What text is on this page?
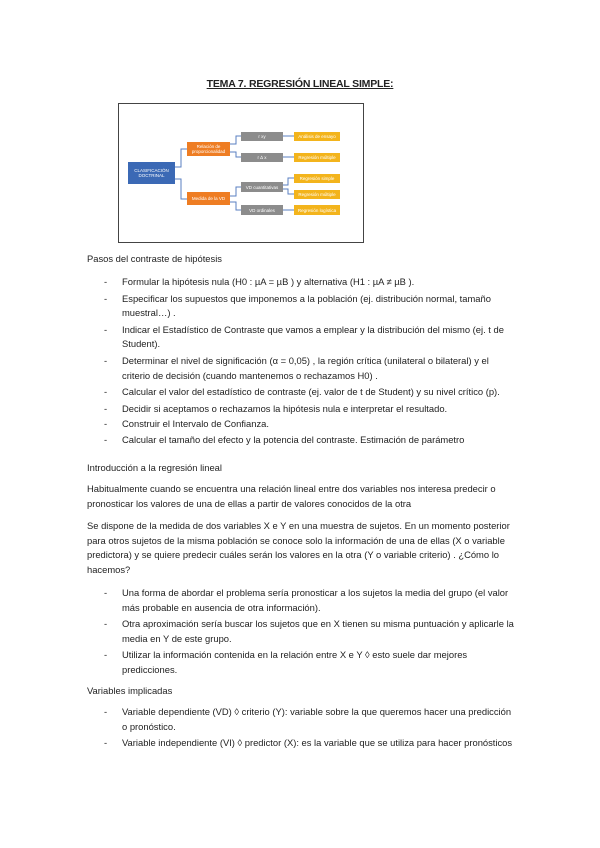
TEMA 7. REGRESIÓN LINEAL SIMPLE:
CLASIFICACIÓN
DOCTRINAL
Relación de
proporcionalidad
Medida de la VD
r xy
r ∆ x
VD cuantitativas
VD ordinales
Análisis de ensayo
Regresión múltiple
Regresión simple
Regresión múltiple
Regresión logística

Pasos del contraste de hipótesis

- Formular la hipótesis nula (H0 : µA = µB ) y alternativa (H1 : µA ≠ µB ).
- Especificar los supuestos que imponemos a la población (ej. distribución normal, tamaño muestral…) .
- Indicar el Estadístico de Contraste que vamos a emplear y la distribución del mismo (ej. t de Student).
- Determinar el nivel de significación (α = 0,05) , la región crítica (unilateral o bilateral) y el criterio de decisión (cuando mantenemos o rechazamos H0) .
- Calcular el valor del estadístico de contraste (ej. valor de t de Student) y su nivel crítico (p).
- Decidir si aceptamos o rechazamos la hipótesis nula e interpretar el resultado.
- Construir el Intervalo de Confianza.
- Calcular el tamaño del efecto y la potencia del contraste. Estimación de parámetro

Introducción a la regresión lineal

Habitualmente cuando se encuentra una relación lineal entre dos variables nos interesa predecir o pronosticar los valores de una de ellas a partir de valores conocidos de la otra

Se dispone de la medida de dos variables X e Y en una muestra de sujetos. En un momento posterior para otros sujetos de la misma población se conoce solo la información de una de ellas (X o variable predictora) y se quiere predecir cuáles serán los valores en la otra (Y o variable criterio) . ¿Cómo lo hacemos?

- Una forma de abordar el problema sería pronosticar a los sujetos la media del grupo (el valor más probable en ausencia de otra información).
- Otra aproximación sería buscar los sujetos que en X tienen su misma puntuación y aplicarle la media en Y de este grupo.
- Utilizar la información contenida en la relación entre X e Y ◊ esto suele dar mejores predicciones.

Variables implicadas

- Variable dependiente (VD) ◊ criterio (Y): variable sobre la que queremos hacer una predicción o pronóstico.
- Variable independiente (VI) ◊ predictor (X): es la variable que se utiliza para hacer pronósticos
